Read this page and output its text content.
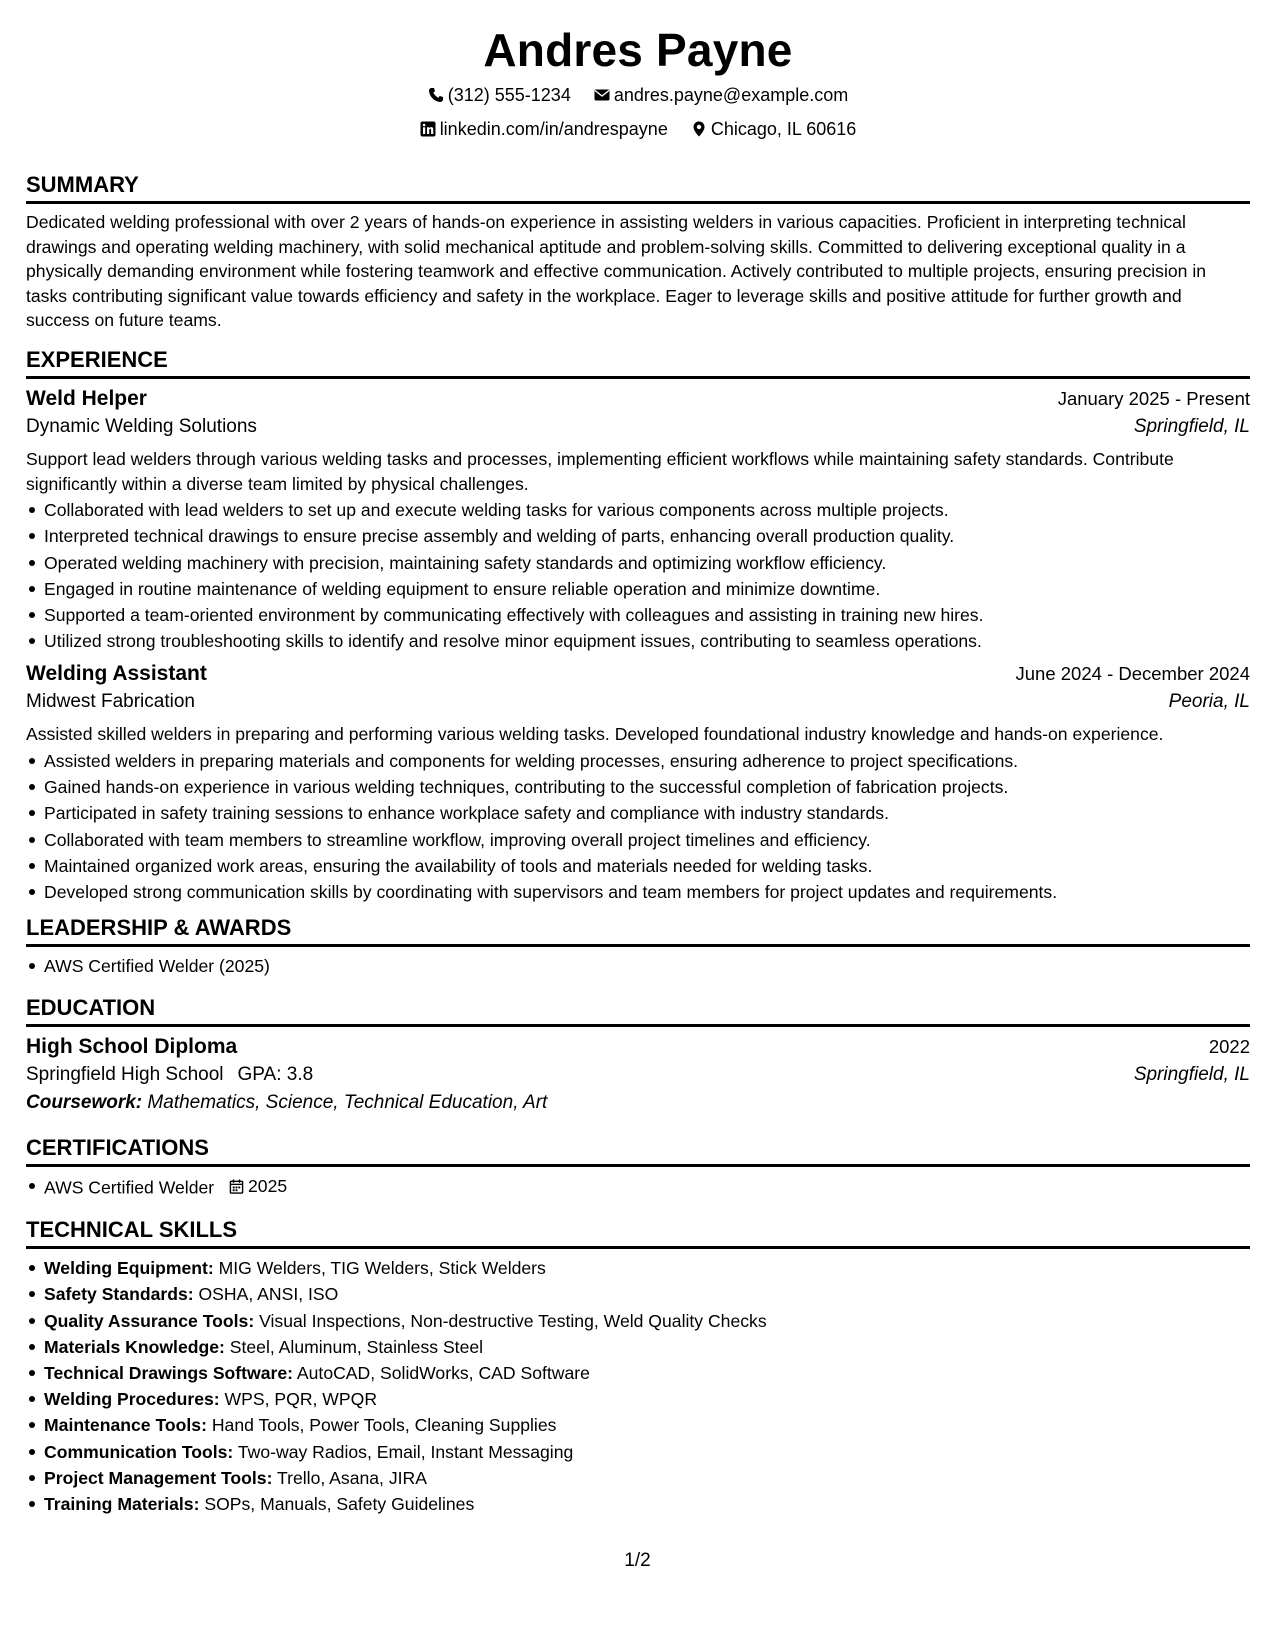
Andres Payne
(312) 555-1234
andres.payne@example.com
linkedin.com/in/andrespayne
Chicago, IL 60616
SUMMARY
Dedicated welding professional with over 2 years of hands-on experience in assisting welders in various capacities. Proficient in interpreting technical drawings and operating welding machinery, with solid mechanical aptitude and problem-solving skills. Committed to delivering exceptional quality in a physically demanding environment while fostering teamwork and effective communication. Actively contributed to multiple projects, ensuring precision in tasks contributing significant value towards efficiency and safety in the workplace. Eager to leverage skills and positive attitude for further growth and success on future teams.
EXPERIENCE
Weld Helper	January 2025 - Present
Dynamic Welding Solutions	Springfield, IL
Support lead welders through various welding tasks and processes, implementing efficient workflows while maintaining safety standards. Contribute significantly within a diverse team limited by physical challenges.
Collaborated with lead welders to set up and execute welding tasks for various components across multiple projects.
Interpreted technical drawings to ensure precise assembly and welding of parts, enhancing overall production quality.
Operated welding machinery with precision, maintaining safety standards and optimizing workflow efficiency.
Engaged in routine maintenance of welding equipment to ensure reliable operation and minimize downtime.
Supported a team-oriented environment by communicating effectively with colleagues and assisting in training new hires.
Utilized strong troubleshooting skills to identify and resolve minor equipment issues, contributing to seamless operations.
Welding Assistant	June 2024 - December 2024
Midwest Fabrication	Peoria, IL
Assisted skilled welders in preparing and performing various welding tasks. Developed foundational industry knowledge and hands-on experience.
Assisted welders in preparing materials and components for welding processes, ensuring adherence to project specifications.
Gained hands-on experience in various welding techniques, contributing to the successful completion of fabrication projects.
Participated in safety training sessions to enhance workplace safety and compliance with industry standards.
Collaborated with team members to streamline workflow, improving overall project timelines and efficiency.
Maintained organized work areas, ensuring the availability of tools and materials needed for welding tasks.
Developed strong communication skills by coordinating with supervisors and team members for project updates and requirements.
LEADERSHIP & AWARDS
AWS Certified Welder (2025)
EDUCATION
High School Diploma	2022
Springfield High School GPA: 3.8	Springfield, IL
Coursework: Mathematics, Science, Technical Education, Art
CERTIFICATIONS
AWS Certified Welder 2025
TECHNICAL SKILLS
Welding Equipment: MIG Welders, TIG Welders, Stick Welders
Safety Standards: OSHA, ANSI, ISO
Quality Assurance Tools: Visual Inspections, Non-destructive Testing, Weld Quality Checks
Materials Knowledge: Steel, Aluminum, Stainless Steel
Technical Drawings Software: AutoCAD, SolidWorks, CAD Software
Welding Procedures: WPS, PQR, WPQR
Maintenance Tools: Hand Tools, Power Tools, Cleaning Supplies
Communication Tools: Two-way Radios, Email, Instant Messaging
Project Management Tools: Trello, Asana, JIRA
Training Materials: SOPs, Manuals, Safety Guidelines
1/2
